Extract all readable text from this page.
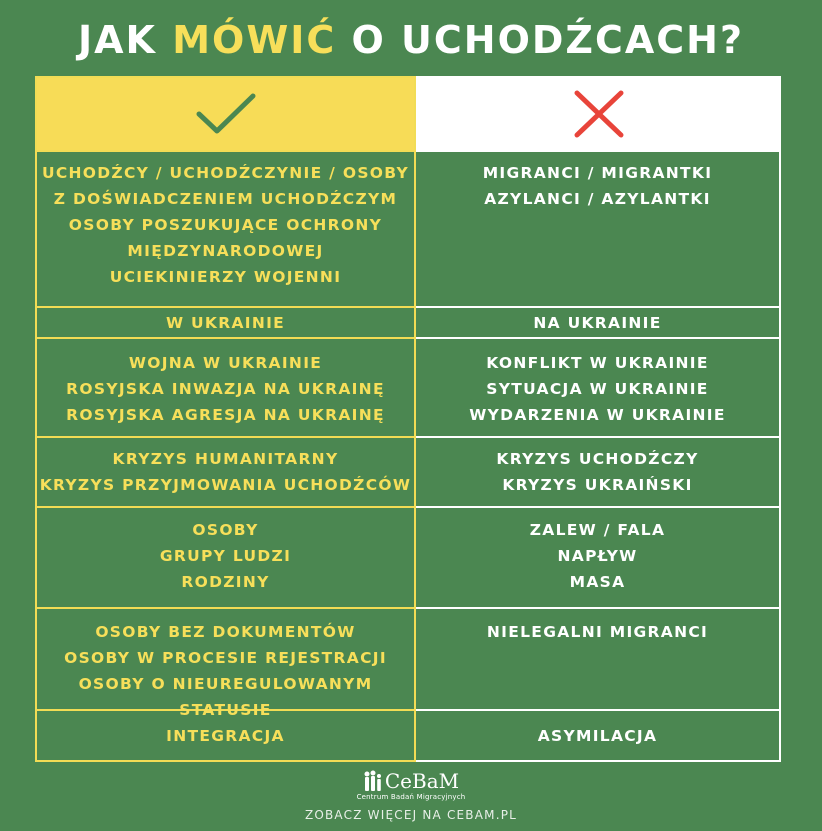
JAK MÓWIĆ O UCHODŹCACH?
UCHODŹCY / UCHODŹCZYNIE / OSOBY
Z DOŚWIADCZENIEM UCHODŹCZYM
OSOBY POSZUKUJĄCE OCHRONY
MIĘDZYNARODOWEJ
UCIEKINIERZY WOJENNI
MIGRANCI / MIGRANTKI
AZYLANCI / AZYLANTKI
W UKRAINIE	NA UKRAINIE
WOJNA W UKRAINIE
ROSYJSKA INWAZJA NA UKRAINĘ
ROSYJSKA AGRESJA NA UKRAINĘ
KONFLIKT W UKRAINIE
SYTUACJA W UKRAINIE
WYDARZENIA W UKRAINIE
KRYZYS HUMANITARNY
KRYZYS PRZYJMOWANIA UCHODŹCÓW
KRYZYS UCHODŹCZY
KRYZYS UKRAIŃSKI
OSOBY
GRUPY LUDZI
RODZINY
ZALEW / FALA
NAPŁYW
MASA
OSOBY BEZ DOKUMENTÓW
OSOBY W PROCESIE REJESTRACJI
OSOBY O NIEUREGULOWANYM STATUSIE
NIELEGALNI MIGRANCI
INTEGRACJA	ASYMILACJA
CeBaM
Centrum Badań Migracyjnych
ZOBACZ WIĘCEJ NA CEBAM.PL
